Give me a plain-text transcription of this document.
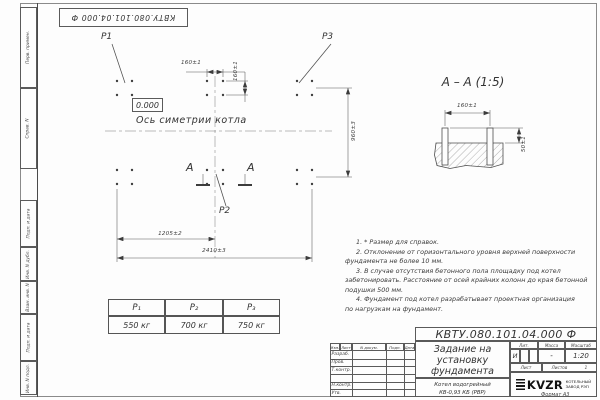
Перв. примен.
Справ. N
Подп. и дата
Инв. N дубл.
Взам. инв. N
Подп. и дата
Инв. N подл.
КВТУ.080.101.04.000 Ф
P1	P3
P2
0.000
Ось симетрии котла
А	А
160±1	160±1
960±3
1205±2
2410±3
А – А (1:5)
160±1
50±1
1. * Размер для справок.
2. Отклонение от горизонтального уровня верхней поверхности
фундамента не более 10 мм.
3. В случае отсутствия бетонного пола площадку под котел
забетонировать. Расстояние от осей крайних колонн до края бетонной
подушки 500 мм.
4. Фундамент под котел разрабатывает проектная организация
по нагрузкам на фундамент.
P₁	P₂	P₃
550 кг	700 кг	750 кг
КВТУ.080.101.04.000 Ф
Задание на
установку
фундамента
Котел водогрейный
КВ-0,93 КБ (РВР)
Лит.	Масса	Масштаб
И	-	1:20
Лист	Листов	1
KVZR КОТЕЛЬНЫЙ
ЗАВОД РЭП
Изм. Лист	N докум.	Подп.	Дата
Разраб.
Пров.
Т.контр.
Н.контр.
Утв.	Формат А3
